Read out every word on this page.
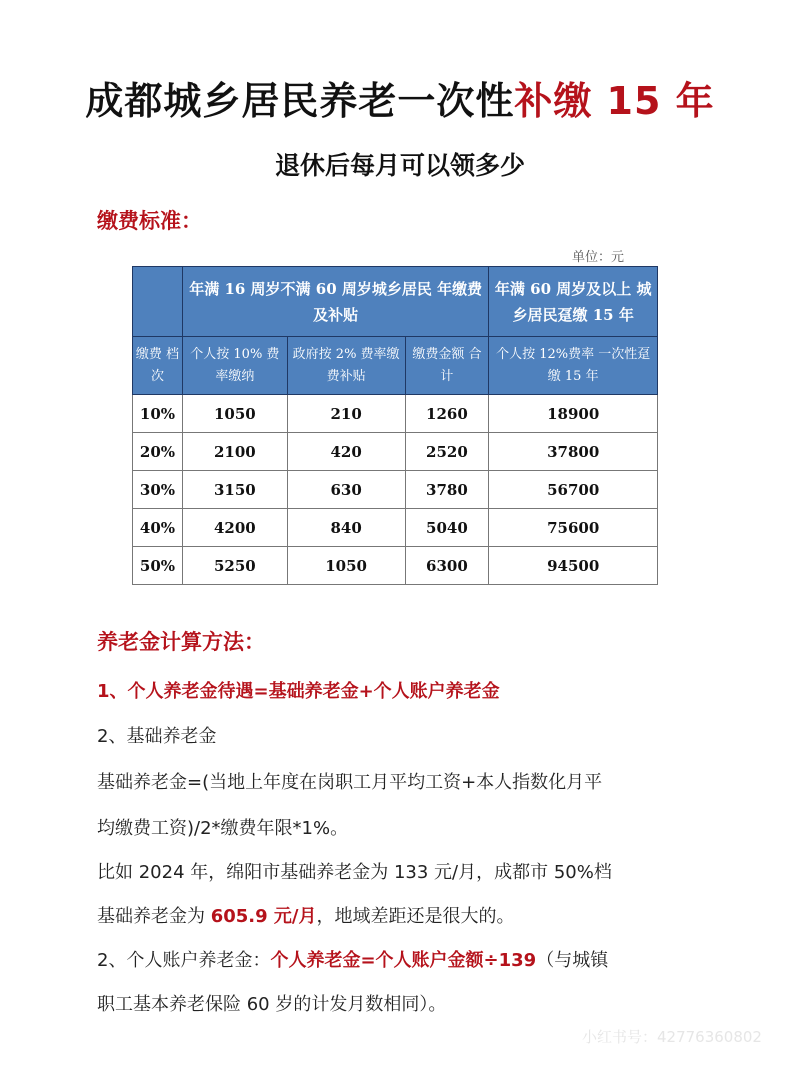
成都城乡居民养老一次性补缴 15 年
退休后每月可以领多少
缴费标准：
单位：元
	年满 16 周岁不满 60 周岁城乡居民 年缴费及补贴			年满 60 周岁及以上 城乡居民趸缴 15 年
缴费 档次	个人按 10% 费率缴纳	政府按 2% 费率缴费补贴	缴费金额 合计	个人按 12%费率 一次性趸缴 15 年
10%	1050	210	1260	18900
20%	2100	420	2520	37800
30%	3150	630	3780	56700
40%	4200	840	5040	75600
50%	5250	1050	6300	94500
养老金计算方法：
1、个人养老金待遇=基础养老金+个人账户养老金
2、基础养老金
基础养老金=(当地上年度在岗职工月平均工资+本人指数化月平
均缴费工资)/2*缴费年限*1%。
比如 2024 年，绵阳市基础养老金为 133 元/月，成都市 50%档
基础养老金为 605.9 元/月，地域差距还是很大的。
2、个人账户养老金：个人养老金=个人账户金额÷139（与城镇
职工基本养老保险 60 岁的计发月数相同）。
小红书号：4277636080​2
